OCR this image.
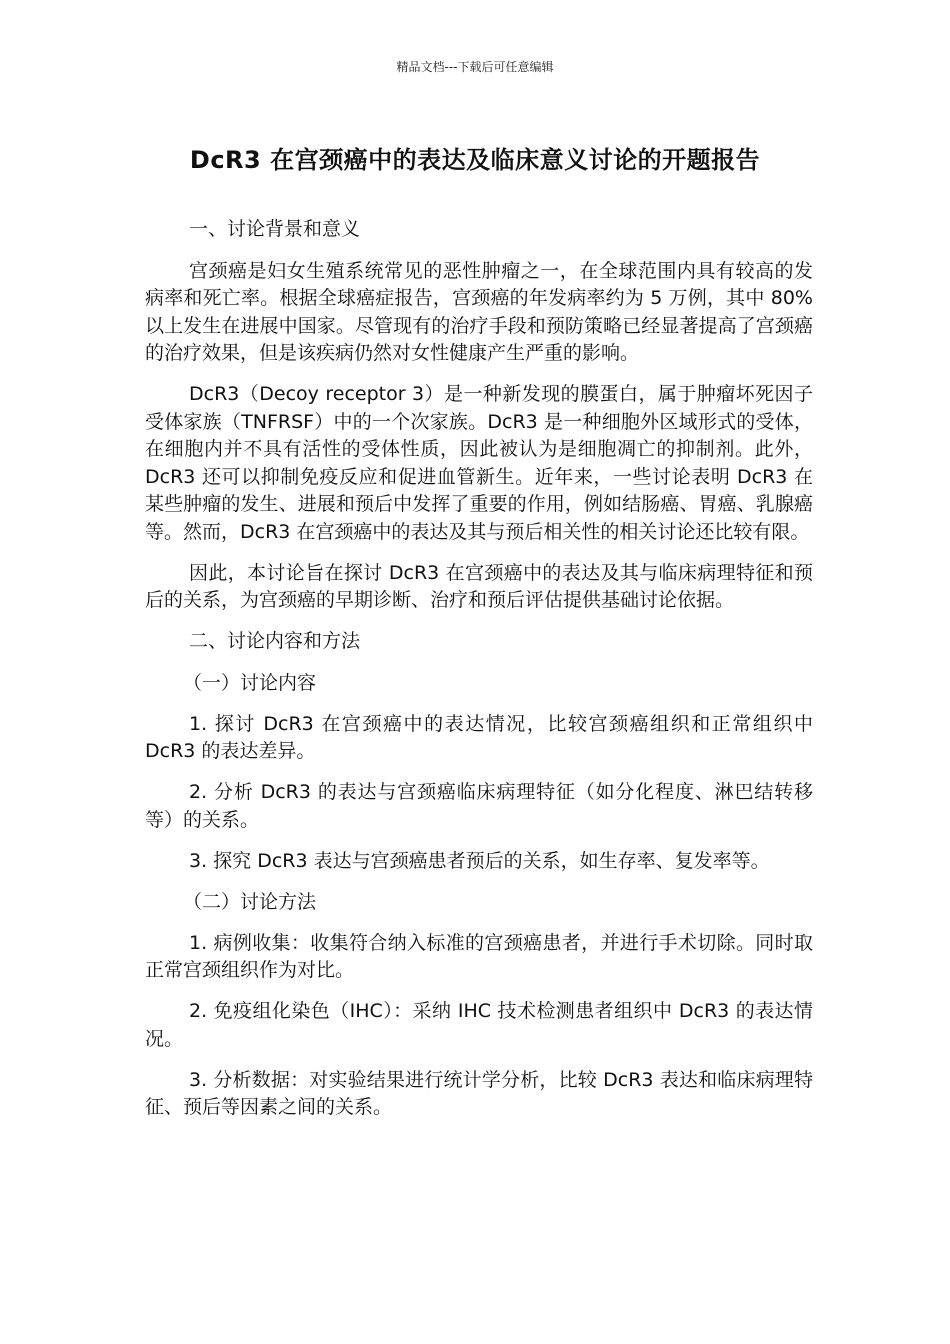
精品文档---下载后可任意编辑
DcR3 在宫颈癌中的表达及临床意义讨论的开题报告

一、讨论背景和意义

宫颈癌是妇女生殖系统常见的恶性肿瘤之一，在全球范围内具有较高的发病率和死亡率。根据全球癌症报告，宫颈癌的年发病率约为 5 万例，其中 80%以上发生在进展中国家。尽管现有的治疗手段和预防策略已经显著提高了宫颈癌的治疗效果，但是该疾病仍然对女性健康产生严重的影响。

DcR3（Decoy receptor 3）是一种新发现的膜蛋白，属于肿瘤坏死因子受体家族（TNFRSF）中的一个次家族。DcR3 是一种细胞外区域形式的受体，在细胞内并不具有活性的受体性质，因此被认为是细胞凋亡的抑制剂。此外，DcR3 还可以抑制免疫反应和促进血管新生。近年来，一些讨论表明 DcR3 在某些肿瘤的发生、进展和预后中发挥了重要的作用，例如结肠癌、胃癌、乳腺癌等。然而，DcR3 在宫颈癌中的表达及其与预后相关性的相关讨论还比较有限。

因此，本讨论旨在探讨 DcR3 在宫颈癌中的表达及其与临床病理特征和预后的关系，为宫颈癌的早期诊断、治疗和预后评估提供基础讨论依据。

二、讨论内容和方法

（一）讨论内容

1. 探讨 DcR3 在宫颈癌中的表达情况，比较宫颈癌组织和正常组织中 DcR3 的表达差异。

2. 分析 DcR3 的表达与宫颈癌临床病理特征（如分化程度、淋巴结转移等）的关系。

3. 探究 DcR3 表达与宫颈癌患者预后的关系，如生存率、复发率等。

（二）讨论方法

1. 病例收集：收集符合纳入标准的宫颈癌患者，并进行手术切除。同时取正常宫颈组织作为对比。

2. 免疫组化染色（IHC）：采纳 IHC 技术检测患者组织中 DcR3 的表达情况。

3. 分析数据：对实验结果进行统计学分析，比较 DcR3 表达和临床病理特征、预后等因素之间的关系。
